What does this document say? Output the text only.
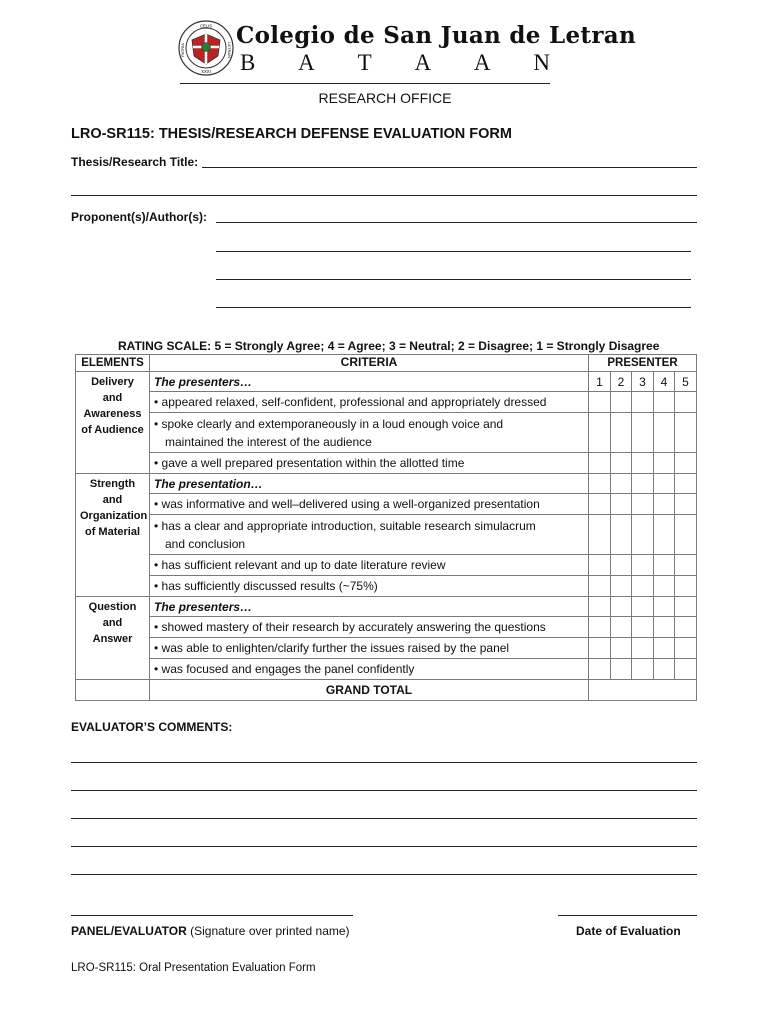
CELIS
LETRAN
XXXI
PATRIA
Colegio de San Juan de Letran
B A T A A N
RESEARCH OFFICE
LRO-SR115: THESIS/RESEARCH DEFENSE EVALUATION FORM
Thesis/Research Title:
Proponent(s)/Author(s):
RATING SCALE: 5 = Strongly Agree; 4 = Agree; 3 = Neutral; 2 = Disagree; 1 = Strongly Disagree
ELEMENTS	CRITERIA	PRESENTER				

Delivery and
Awareness
of Audience	The presenters…	1	2	3	4	5
	• appeared relaxed, self-confident, professional and appropriately dressed					

	• spoke clearly and extemporaneously in a loud enough voice and
maintained the interest of the audience

	• gave a well prepared presentation within the allotted time					

Strength
and
Organization
of Material	The presentation…					
	• was informative and well–delivered using a well-organized presentation					

	• has a clear and appropriate introduction, suitable research simulacrum
and conclusion

	• has sufficient relevant and up to date literature review					
	• has sufficiently discussed results (~75%)					

Question
and
Answer	The presenters…					
	• showed mastery of their research by accurately answering the questions					
	• was able to enlighten/clarify further the issues raised by the panel					
	• was focused and engages the panel confidently					
	GRAND TOTAL					
EVALUATOR’S COMMENTS:
PANEL/EVALUATOR (Signature over printed name)	Date of Evaluation
LRO-SR115: Oral Presentation Evaluation Form
